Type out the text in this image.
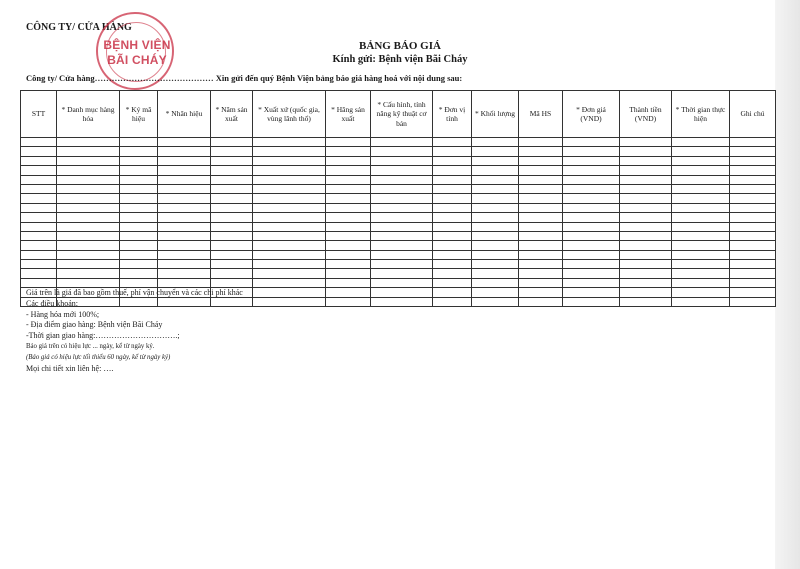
CÔNG TY/ CỬA HÀNG
BỆNH VIỆN
BÃI CHÁY
BẢNG BÁO GIÁ
Kính gửi: Bệnh viện Bãi Cháy
Công ty/ Cửa hàng…………………………………… Xin gửi đến quý Bệnh Viện bảng báo giá hàng hoá với nội dung sau:
STT	* Danh mục hàng hóa	* Ký mã hiệu	* Nhãn hiệu	* Năm sản xuất	* Xuất xứ (quốc gia, vùng lãnh thổ)	* Hãng sản xuất	* Cấu hình, tính năng kỹ thuật cơ bản	* Đơn vị tính	* Khối lượng	Mã HS	* Đơn giá (VND)	Thành tiền (VND)	* Thời gian thực hiện	Ghi chú

Giá trên là giá đã bao gồm thuế, phí vận chuyển và các chi phí khác
Các điều khoản:
- Hàng hóa mới 100%;
- Địa điểm giao hàng: Bệnh viện Bãi Cháy
-Thời gian giao hàng:………………………….;
Báo giá trên có hiệu lực ... ngày, kể từ ngày ký.
(Báo giá có hiệu lực tối thiểu 60 ngày, kể từ ngày ký)
Mọi chi tiết xin liên hệ: ….
